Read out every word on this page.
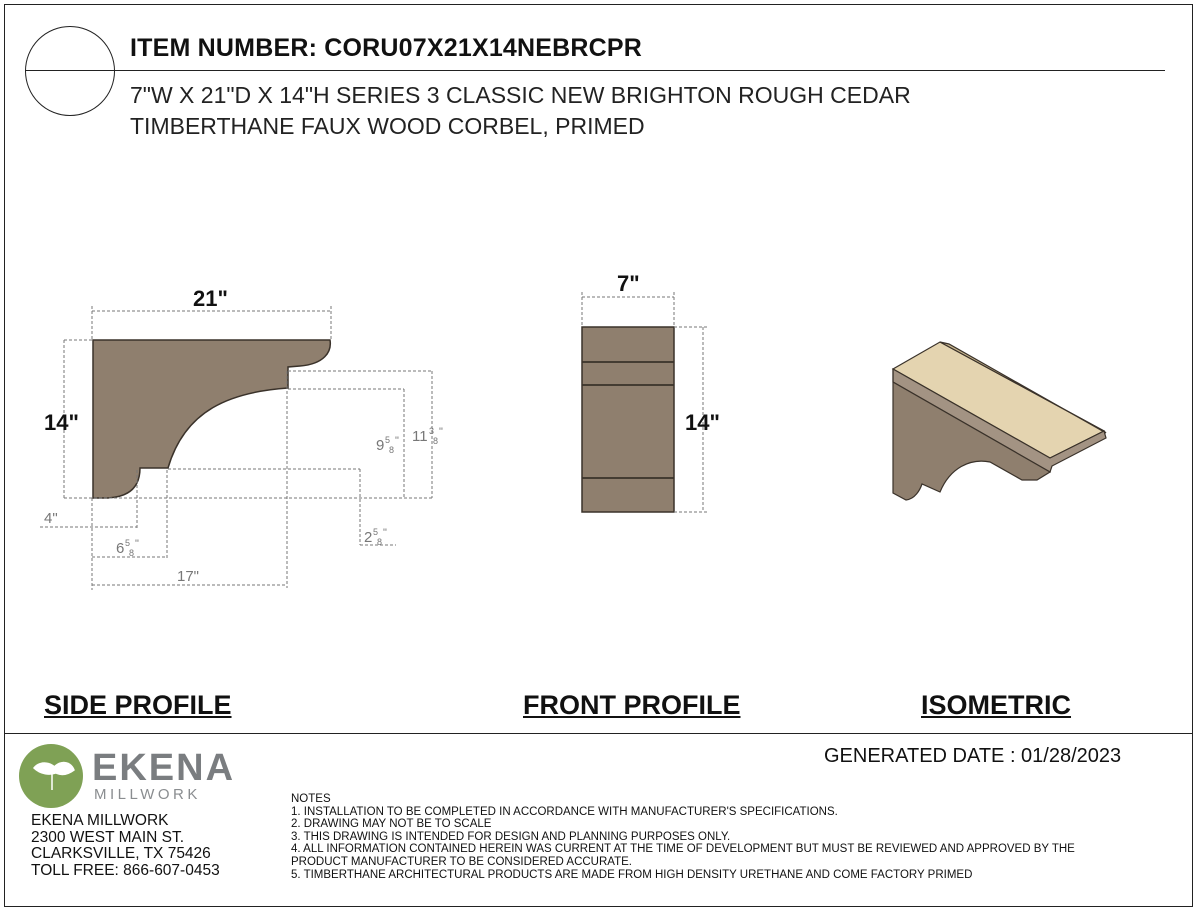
ITEM NUMBER: CORU07X21X14NEBRCPR
7"W X 21"D X 14"H SERIES 3 CLASSIC NEW BRIGHTON ROUGH CEDAR
TIMBERTHANE FAUX WOOD CORBEL, PRIMED
21"
14"
4"
6 5
8
"
17"
9 5
8
" 11 3
8
"
2 5
8
"
7"
14"
SIDE PROFILE	FRONT PROFILE	ISOMETRIC
EKENA
MILLWORK
EKENA MILLWORK
2300 WEST MAIN ST.
CLARKSVILLE, TX 75426
TOLL FREE: 866-607-0453
GENERATED DATE : 01/28/2023
NOTES
1. INSTALLATION TO BE COMPLETED IN ACCORDANCE WITH MANUFACTURER'S SPECIFICATIONS.
2. DRAWING MAY NOT BE TO SCALE
3. THIS DRAWING IS INTENDED FOR DESIGN AND PLANNING PURPOSES ONLY.
4. ALL INFORMATION CONTAINED HEREIN WAS CURRENT AT THE TIME OF DEVELOPMENT BUT MUST BE REVIEWED AND APPROVED BY THE
PRODUCT MANUFACTURER TO BE CONSIDERED ACCURATE.
5. TIMBERTHANE ARCHITECTURAL PRODUCTS ARE MADE FROM HIGH DENSITY URETHANE AND COME FACTORY PRIMED
